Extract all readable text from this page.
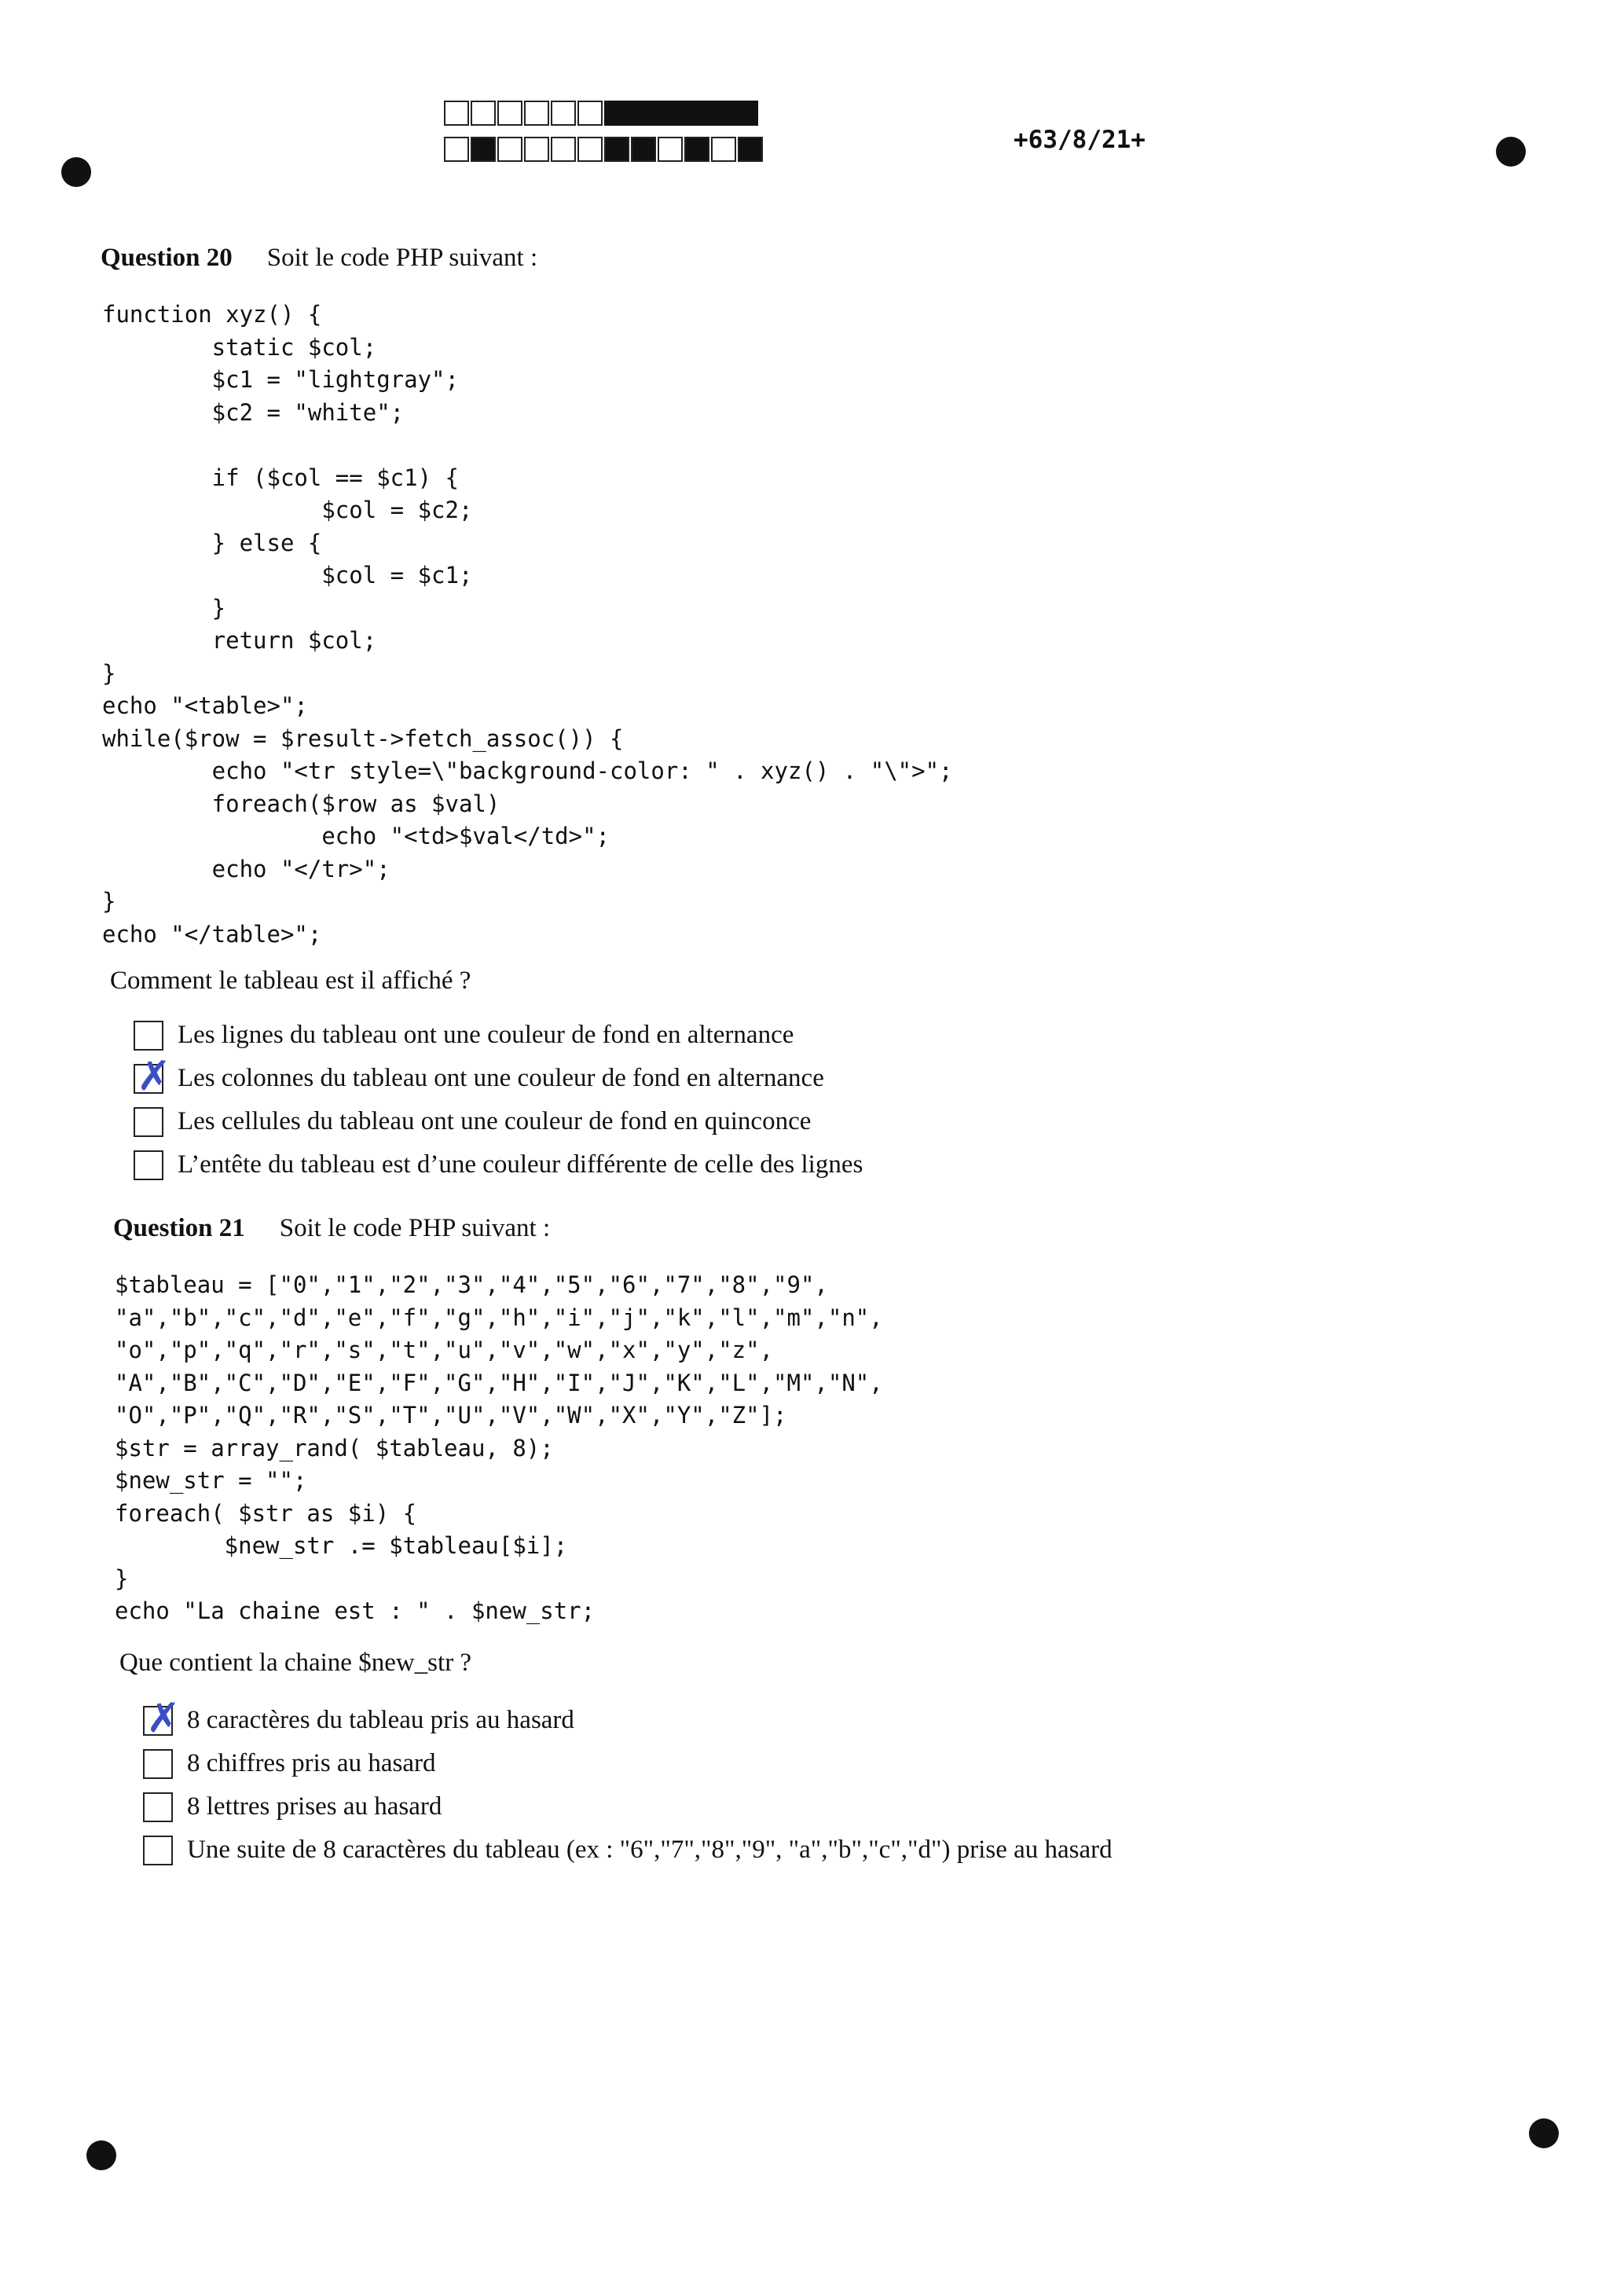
+63/8/21+
Question 20 Soit le code PHP suivant :
function xyz() {
static $col;
$c1 = "lightgray";
$c2 = "white";

if ($col == $c1) {
$col = $c2;
} else {
$col = $c1;
}
return $col;
}
echo "<table>";
while($row = $result->fetch_assoc()) {
echo "<tr style=\"background-color: " . xyz() . "\">";
foreach($row as $val)
echo "<td>$val</td>";
echo "</tr>";
}
echo "</table>";
Comment le tableau est il affiché ?
Les lignes du tableau ont une couleur de fond en alternance
✗
Les colonnes du tableau ont une couleur de fond en alternance
Les cellules du tableau ont une couleur de fond en quinconce
L’entête du tableau est d’une couleur différente de celle des lignes
Question 21 Soit le code PHP suivant :
$tableau = ["0","1","2","3","4","5","6","7","8","9",
"a","b","c","d","e","f","g","h","i","j","k","l","m","n",
"o","p","q","r","s","t","u","v","w","x","y","z",
"A","B","C","D","E","F","G","H","I","J","K","L","M","N",
"O","P","Q","R","S","T","U","V","W","X","Y","Z"];
$str = array_rand( $tableau, 8);
$new_str = "";
foreach( $str as $i) {
$new_str .= $tableau[$i];
}
echo "La chaine est : " . $new_str;
Que contient la chaine $new_str ?
✗
8 caractères du tableau pris au hasard
8 chiffres pris au hasard
8 lettres prises au hasard
Une suite de 8 caractères du tableau (ex : "6","7","8","9", "a","b","c","d") prise au hasard
